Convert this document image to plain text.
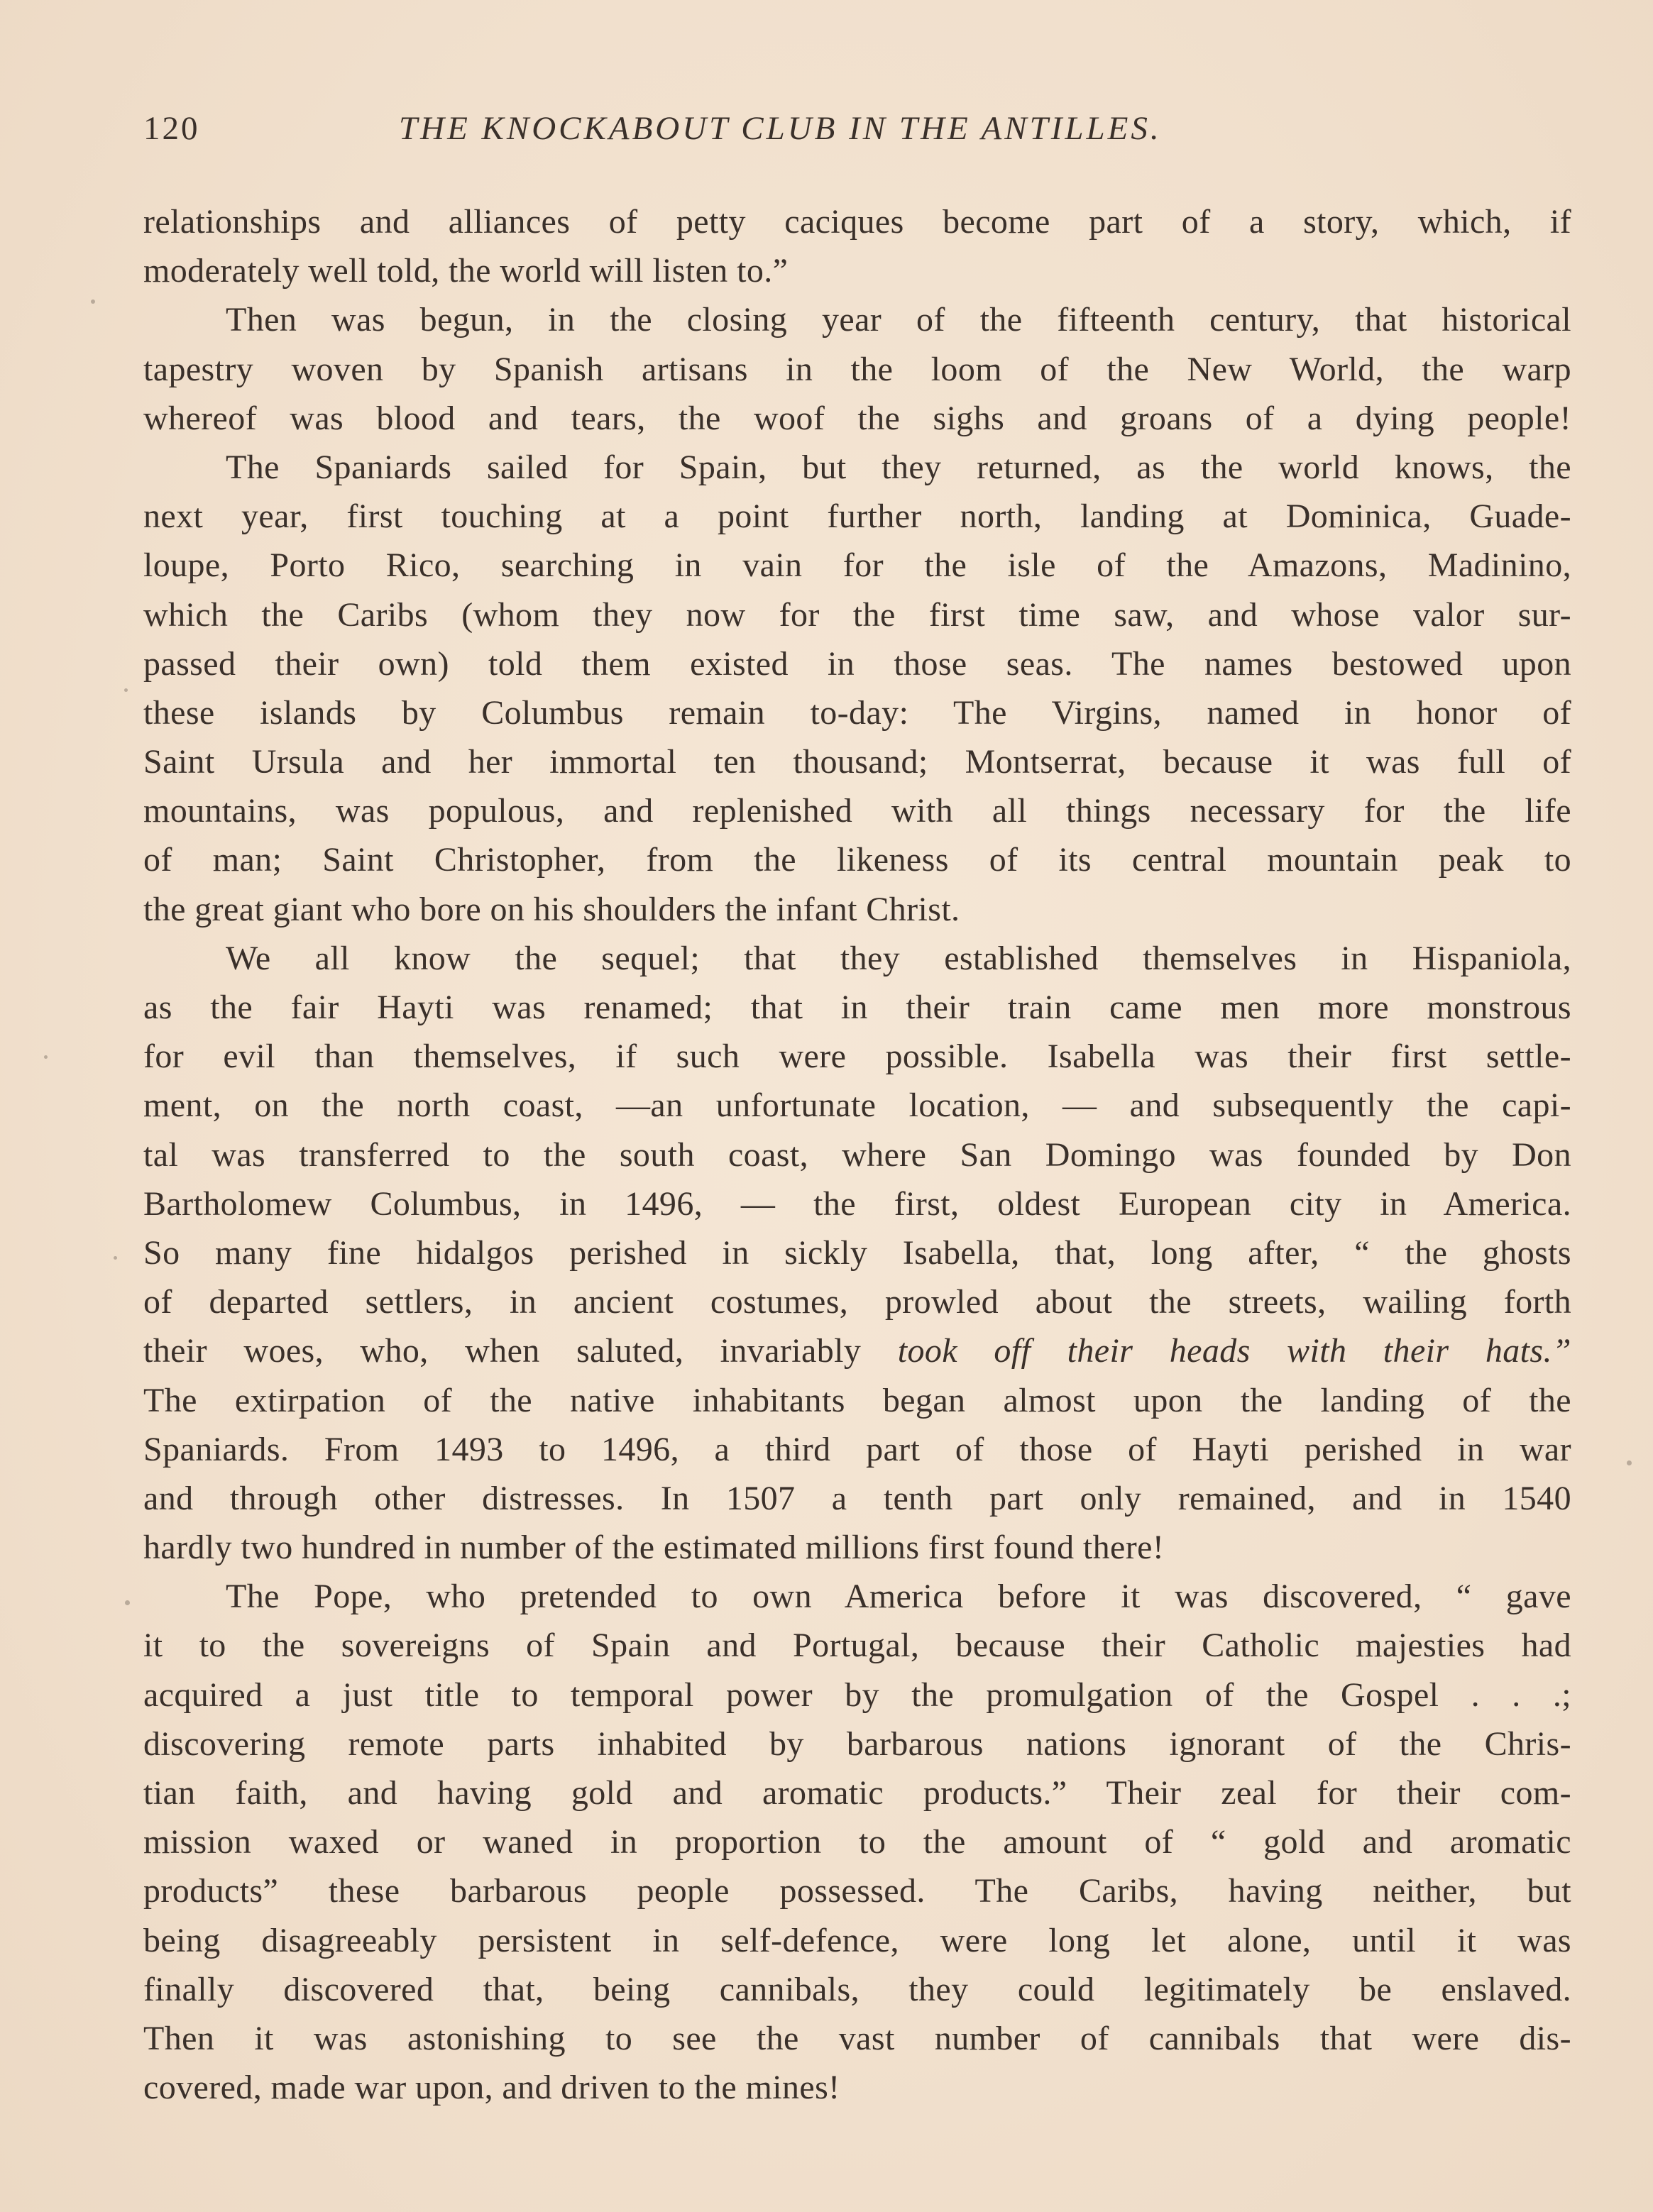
120	THE KNOCKABOUT CLUB IN THE ANTILLES.
relationships and alliances of petty caciques become part of a story, which, if
moderately well told, the world will listen to.”
Then was begun, in the closing year of the fifteenth century, that historical
tapestry woven by Spanish artisans in the loom of the New World, the warp
whereof was blood and tears, the woof the sighs and groans of a dying people!
The Spaniards sailed for Spain, but they returned, as the world knows, the
next year, first touching at a point further north, landing at Dominica, Guade-
loupe, Porto Rico, searching in vain for the isle of the Amazons, Madinino,
which the Caribs (whom they now for the first time saw, and whose valor sur-
passed their own) told them existed in those seas. The names bestowed upon
these islands by Columbus remain to-day: The Virgins, named in honor of
Saint Ursula and her immortal ten thousand; Montserrat, because it was full of
mountains, was populous, and replenished with all things necessary for the life
of man; Saint Christopher, from the likeness of its central mountain peak to
the great giant who bore on his shoulders the infant Christ.
We all know the sequel; that they established themselves in Hispaniola,
as the fair Hayti was renamed; that in their train came men more monstrous
for evil than themselves, if such were possible. Isabella was their first settle-
ment, on the north coast, —an unfortunate location, — and subsequently the capi-
tal was transferred to the south coast, where San Domingo was founded by Don
Bartholomew Columbus, in 1496, — the first, oldest European city in America.
So many fine hidalgos perished in sickly Isabella, that, long after, “ the ghosts
of departed settlers, in ancient costumes, prowled about the streets, wailing forth
their woes, who, when saluted, invariably took off their heads with their hats.”
The extirpation of the native inhabitants began almost upon the landing of the
Spaniards. From 1493 to 1496, a third part of those of Hayti perished in war
and through other distresses. In 1507 a tenth part only remained, and in 1540
hardly two hundred in number of the estimated millions first found there!
The Pope, who pretended to own America before it was discovered, “ gave
it to the sovereigns of Spain and Portugal, because their Catholic majesties had
acquired a just title to temporal power by the promulgation of the Gospel . . .;
discovering remote parts inhabited by barbarous nations ignorant of the Chris-
tian faith, and having gold and aromatic products.” Their zeal for their com-
mission waxed or waned in proportion to the amount of “ gold and aromatic
products” these barbarous people possessed. The Caribs, having neither, but
being disagreeably persistent in self-defence, were long let alone, until it was
finally discovered that, being cannibals, they could legitimately be enslaved.
Then it was astonishing to see the vast number of cannibals that were dis-
covered, made war upon, and driven to the mines!
